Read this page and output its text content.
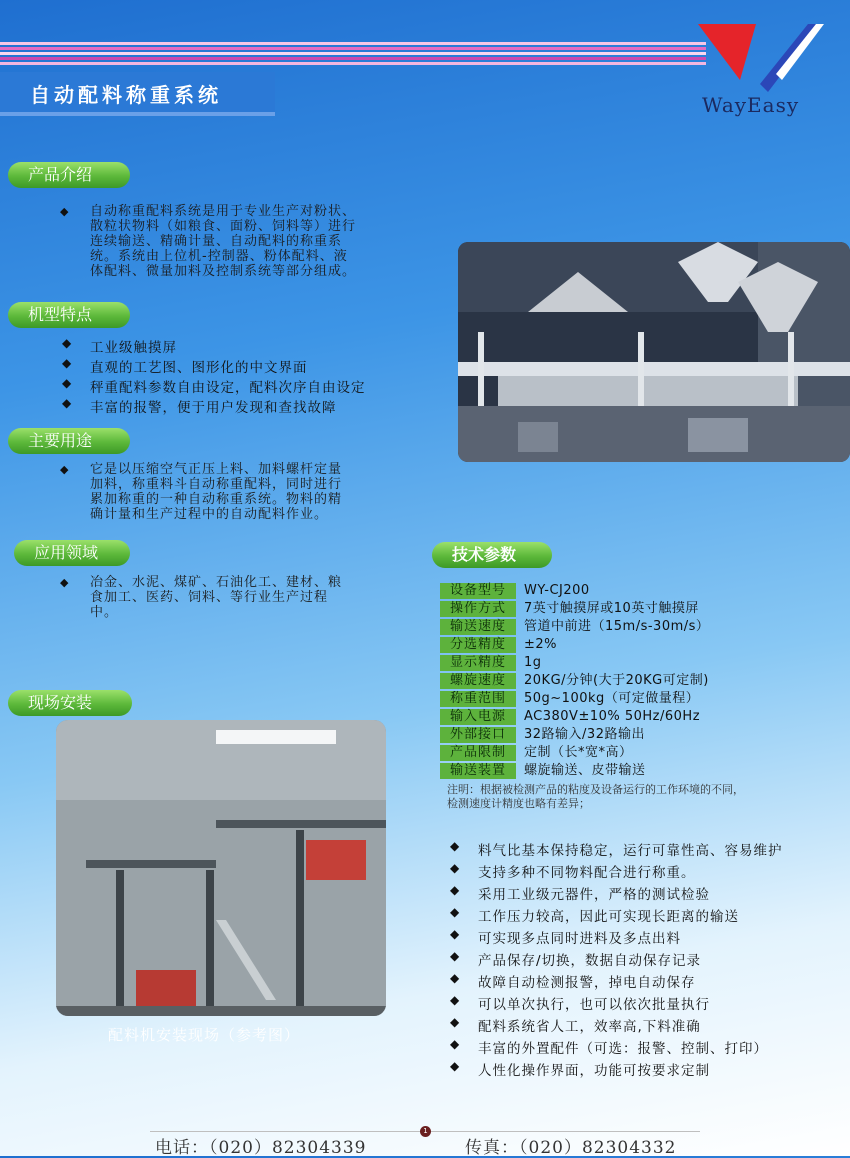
WayEasy
自动配料称重系统
产品介绍
◆ 自动称重配料系统是用于专业生产对粉状、
散粒状物料（如粮食、面粉、饲料等）进行
连续输送、精确计量、自动配料的称重系
统。系统由上位机-控制器、粉体配料、液
体配料、微量加料及控制系统等部分组成。
机型特点
◆ 工业级触摸屏
◆ 直观的工艺图、图形化的中文界面
◆ 秤重配料参数自由设定，配料次序自由设定
◆ 丰富的报警，便于用户发现和查找故障
主要用途
◆ 它是以压缩空气正压上料、加料螺杆定量
加料，称重料斗自动称重配料，同时进行
累加称重的一种自动称重系统。物料的精
确计量和生产过程中的自动配料作业。
应用领域
◆ 冶金、水泥、煤矿、石油化工、建材、粮
食加工、医药、饲料、等行业生产过程
中。
现场安装
配料机安装现场（参考图）
技术参数
设备型号 WY-CJ200
操作方式 7英寸触摸屏或10英寸触摸屏
输送速度 管道中前进（15m/s-30m/s）
分选精度 ±2%
显示精度 1g
螺旋速度 20KG/分钟(大于20KG可定制)
称重范围 50g~100kg（可定做量程）
输入电源 AC380V±10% 50Hz/60Hz
外部接口 32路输入/32路输出
产品限制 定制（长*宽*高）
输送装置 螺旋输送、皮带输送
注明：根据被检测产品的粘度及设备运行的工作环境的不同，
检测速度计精度也略有差异；
◆ 料气比基本保持稳定，运行可靠性高、容易维护
◆ 支持多种不同物料配合进行称重。
◆ 采用工业级元器件，严格的测试检验
◆ 工作压力较高，因此可实现长距离的输送
◆ 可实现多点同时进料及多点出料
◆ 产品保存/切换，数据自动保存记录
◆ 故障自动检测报警，掉电自动保存
◆ 可以单次执行，也可以依次批量执行
◆ 配料系统省人工，效率高,下料准确
◆ 丰富的外置配件（可选：报警、控制、打印）
◆ 人性化操作界面，功能可按要求定制
1
电话：（020）82304339	传真：（020）82304332
